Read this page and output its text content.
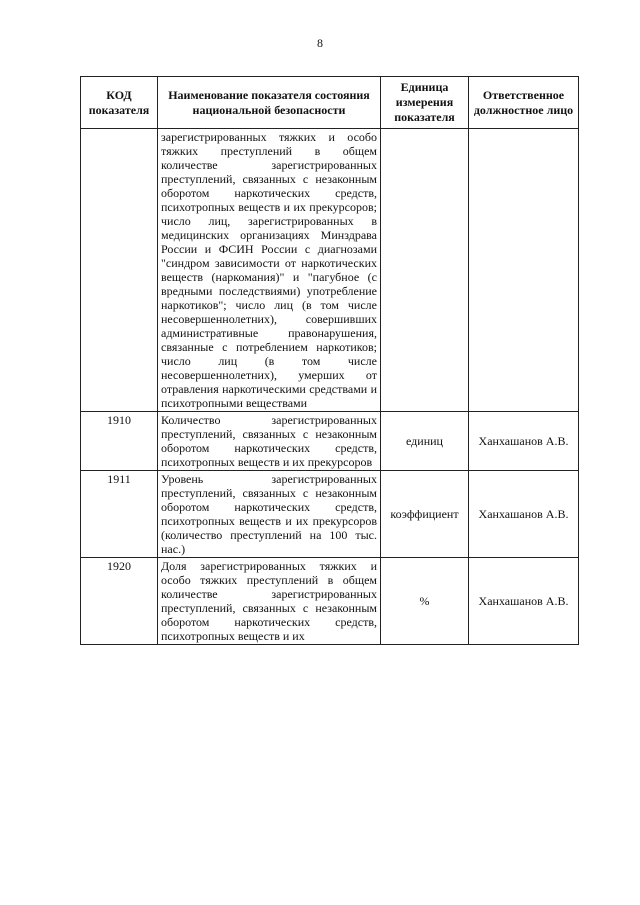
8
КОД показателя	Наименование показателя состояния национальной безопасности	Единица измерения показателя	Ответственное должностное лицо
	зарегистрированных тяжких и особо тяжких преступлений в общем количестве зарегистрированных преступлений, связанных с незаконным оборотом наркотических средств, психотропных веществ и их прекурсоров; число лиц, зарегистрированных в медицинских организациях Минздрава России и ФСИН России с диагнозами "синдром зависимости от наркотических веществ (наркомания)" и "пагубное (с вредными последствиями) употребление наркотиков"; число лиц (в том числе несовершеннолетних), совершивших административные правонарушения, связанные с потреблением наркотиков; число лиц (в том числе несовершеннолетних), умерших от отравления наркотическими средствами и психотропными веществами		
1910	Количество зарегистрированных преступлений, связанных с незаконным оборотом наркотических средств, психотропных веществ и их прекурсоров	единиц	Ханхашанов А.В.
1911	Уровень зарегистрированных преступлений, связанных с незаконным оборотом наркотических средств, психотропных веществ и их прекурсоров (количество преступлений на 100 тыс. нас.)	коэффициент	Ханхашанов А.В.
1920	Доля зарегистрированных тяжких и особо тяжких преступлений в общем количестве зарегистрированных преступлений, связанных с незаконным оборотом наркотических средств, психотропных веществ и их	%	Ханхашанов А.В.
